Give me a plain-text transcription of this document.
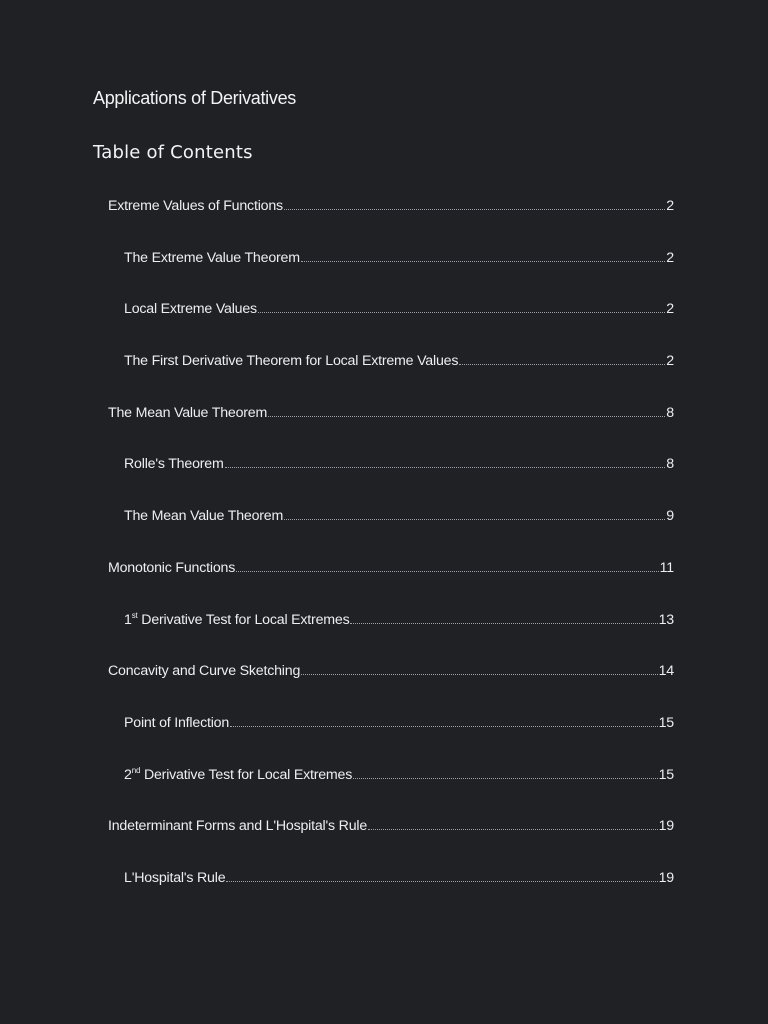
Applications of Derivatives
Table of Contents
Extreme Values of Functions	2
The Extreme Value Theorem	2
Local Extreme Values	2
The First Derivative Theorem for Local Extreme Values	2
The Mean Value Theorem	8
Rolle's Theorem	8
The Mean Value Theorem	9
Monotonic Functions	11
1st Derivative Test for Local Extremes	13
Concavity and Curve Sketching	14
Point of Inflection	15
2nd Derivative Test for Local Extremes	15
Indeterminant Forms and L'Hospital's Rule	19
L'Hospital's Rule	19
